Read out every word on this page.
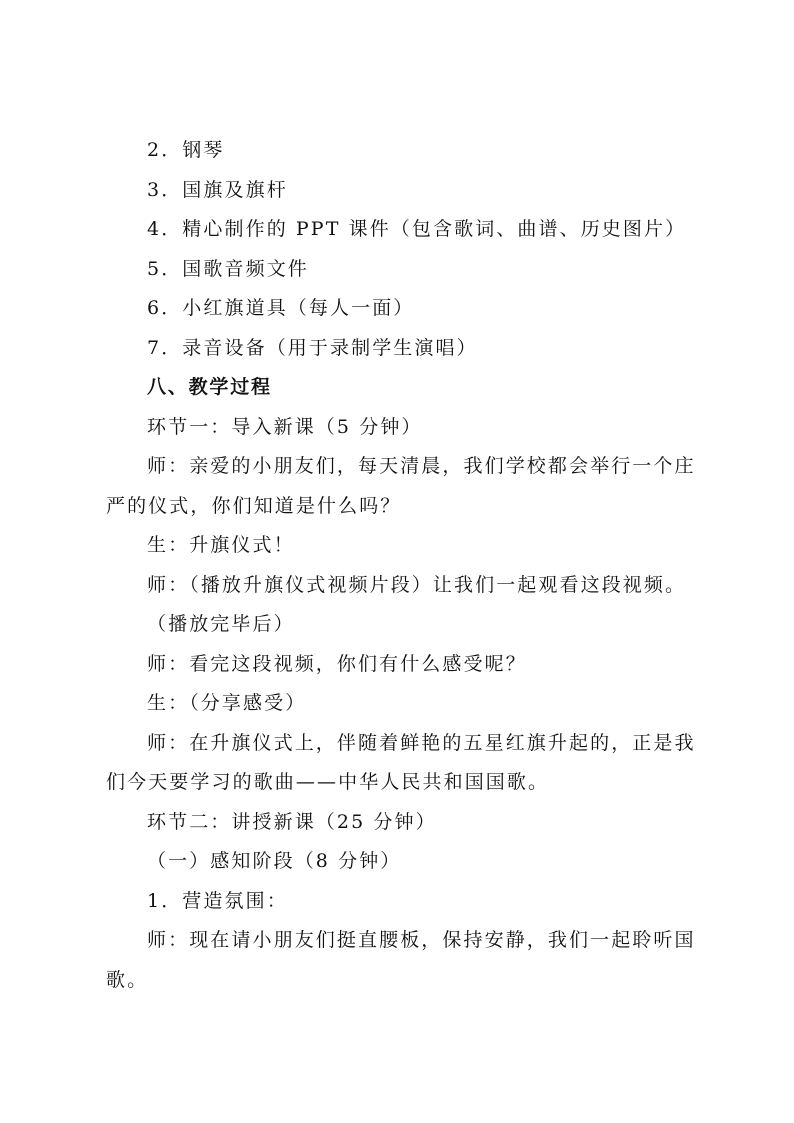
2．钢琴
3．国旗及旗杆
4．精心制作的 PPT 课件（包含歌词、曲谱、历史图片）
5．国歌音频文件
6．小红旗道具（每人一面）
7．录音设备（用于录制学生演唱）
八、教学过程
环节一：导入新课（5 分钟）
师：亲爱的小朋友们，每天清晨，我们学校都会举行一个庄
严的仪式，你们知道是什么吗？
生：升旗仪式！
师：（播放升旗仪式视频片段）让我们一起观看这段视频。
（播放完毕后）
师：看完这段视频，你们有什么感受呢？
生：（分享感受）
师：在升旗仪式上，伴随着鲜艳的五星红旗升起的，正是我
们今天要学习的歌曲——中华人民共和国国歌。
环节二：讲授新课（25 分钟）
（一）感知阶段（8 分钟）
1．营造氛围：
师：现在请小朋友们挺直腰板，保持安静，我们一起聆听国
歌。
